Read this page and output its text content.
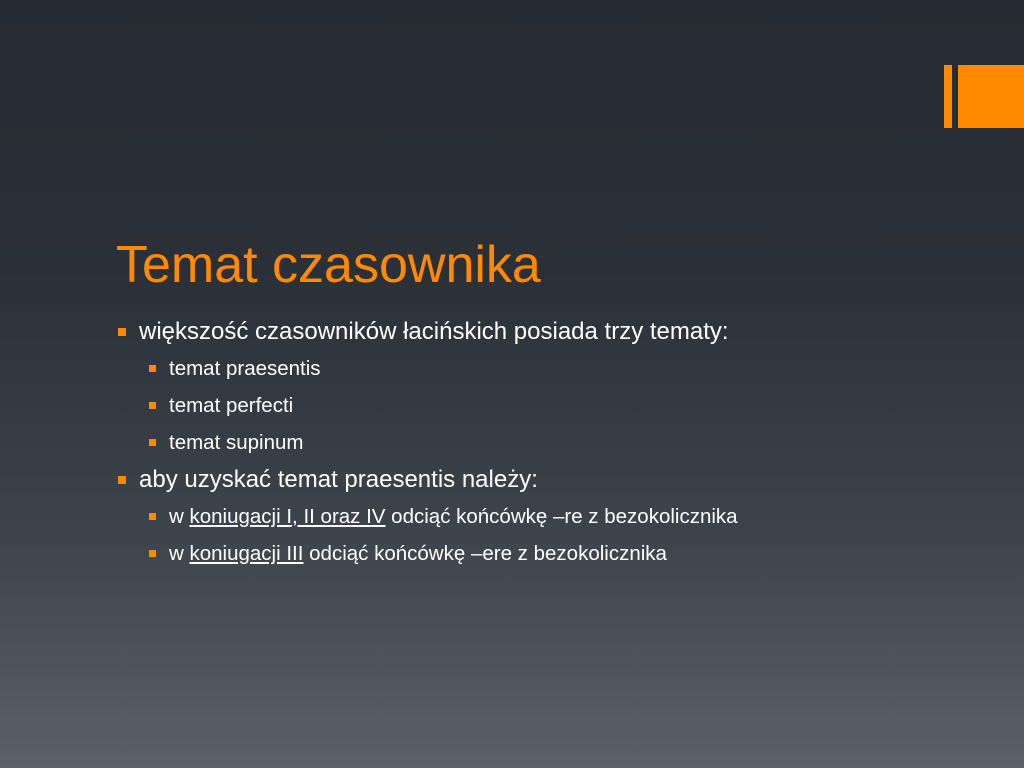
Temat czasownika
większość czasowników łacińskich posiada trzy tematy:
temat praesentis
temat perfecti
temat supinum
aby uzyskać temat praesentis należy:
w koniugacji I, II oraz IV odciąć końcówkę –re z bezokolicznika
w koniugacji III odciąć końcówkę –ere z bezokolicznika
